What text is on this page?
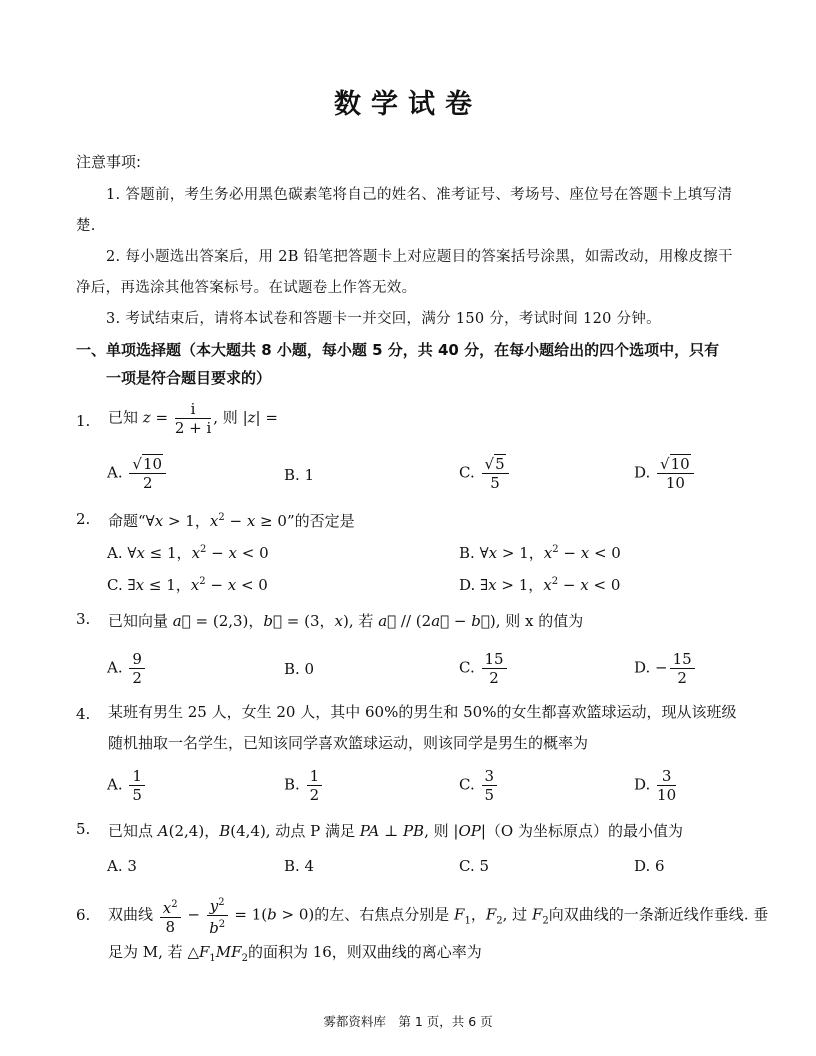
数学试卷
注意事项:
1. 答题前，考生务必用黑色碳素笔将自己的姓名、准考证号、考场号、座位号在答题卡上填写清楚.
2. 每小题选出答案后，用 2B 铅笔把答题卡上对应题目的答案括号涂黑，如需改动，用橡皮擦干净后，再选涂其他答案标号。在试题卷上作答无效。
3. 考试结束后，请将本试卷和答题卡一并交回，满分 150 分，考试时间 120 分钟。
一、单项选择题（本大题共 8 小题，每小题 5 分，共 40 分，在每小题给出的四个选项中，只有
一项是符合题目要求的）
1. 已知 $z = \frac{i}{2 + i}$ , 则 |z| =
A. $\frac{√10}{2}$	B. 1	C. $\frac{√5}{5}$	D. $\frac{√10}{10}$
2. 命题“∀x > 1，$x^2 - x \ge 0$”的否定是
A. ∀x ≤ 1，$x^2 - x < 0$	B. ∀x > 1，$x^2 - x < 0$
C. ∃x ≤ 1，$x^2 - x < 0$	D. ∃x > 1，$x^2 - x < 0$
3. 已知向量 a⃗ = (2,3)，b⃗ = (3，x), 若 a⃗ // (2a⃗ − b⃗), 则 x 的值为
A. $\frac{9}{2}$	B. 0	C. $\frac{15}{2}$	D. − $\frac{15}{2}$
4. 某班有男生 25 人，女生 20 人，其中 60%的男生和 50%的女生都喜欢篮球运动，现从该班级随机抽取一名学生，已知该同学喜欢篮球运动，则该同学是男生的概率为
A. $\frac{1}{5}$	B. $\frac{1}{2}$	C. $\frac{3}{5}$	D. $\frac{3}{10}$
5. 已知点 A(2,4)，B(4,4), 动点 P 满足 PA ⊥ PB, 则 |OP|（O 为坐标原点）的最小值为
A. 3	B. 4	C. 5	D. 6
6. 双曲线 $\frac{x^2}{8} - \frac{y^2}{b^2} = 1(b > 0)$的左、右焦点分别是 $F_1$，$F_2$, 过 $F_2$向双曲线的一条渐近线作垂线. 垂
足为 M, 若 $\triangle F_1MF_2$的面积为 16，则双曲线的离心率为
雾都资料库　第 1 页，共 6 页
